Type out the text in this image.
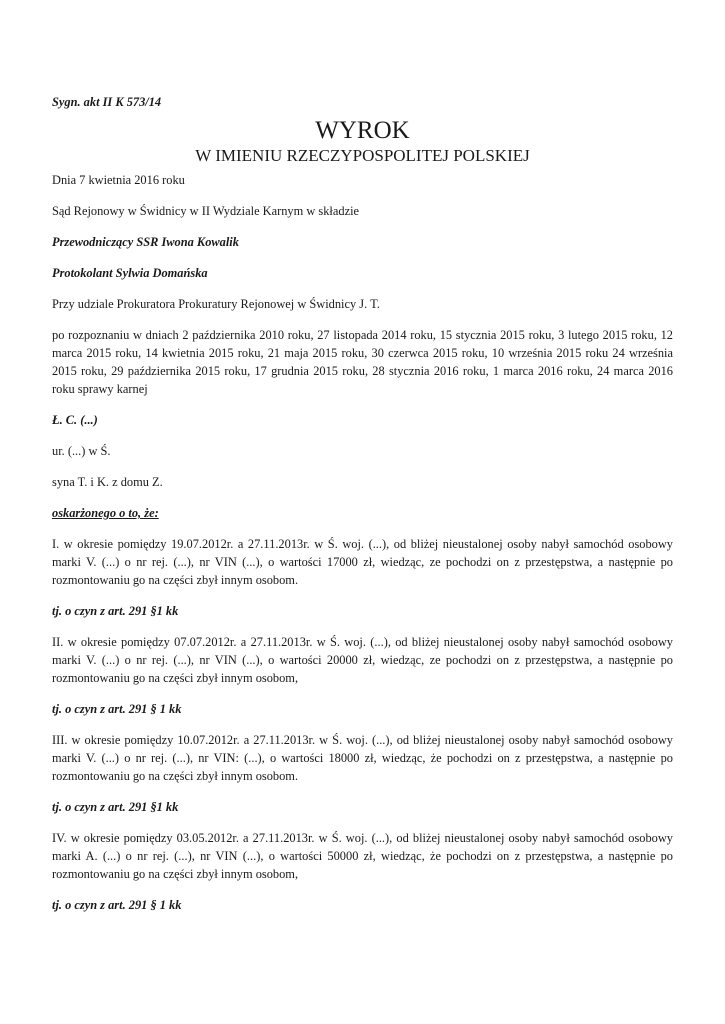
Sygn. akt II K 573/14

WYROK
W IMIENIU RZECZYPOSPOLITEJ POLSKIEJ

Dnia 7 kwietnia 2016 roku

Sąd Rejonowy w Świdnicy w II Wydziale Karnym w składzie

Przewodniczący SSR Iwona Kowalik

Protokolant Sylwia Domańska

Przy udziale Prokuratora Prokuratury Rejonowej w Świdnicy J. T.

po rozpoznaniu w dniach 2 października 2010 roku, 27 listopada 2014 roku, 15 stycznia 2015 roku, 3 lutego 2015 roku, 12 marca 2015 roku, 14 kwietnia 2015 roku, 21 maja 2015 roku, 30 czerwca 2015 roku, 10 września 2015 roku 24 września 2015 roku, 29 października 2015 roku, 17 grudnia 2015 roku, 28 stycznia 2016 roku, 1 marca 2016 roku, 24 marca 2016 roku sprawy karnej

Ł. C. (...)

ur. (...) w Ś.

syna T. i K. z domu Z.

oskarżonego o to, że:

I. w okresie pomiędzy 19.07.2012r. a 27.11.2013r. w Ś. woj. (...), od bliżej nieustalonej osoby nabył samochód osobowy marki V. (...) o nr rej. (...), nr VIN (...), o wartości 17000 zł, wiedząc, ze pochodzi on z przestępstwa, a następnie po rozmontowaniu go na części zbył innym osobom.

tj. o czyn z art. 291 §1 kk

II. w okresie pomiędzy 07.07.2012r. a 27.11.2013r. w Ś. woj. (...), od bliżej nieustalonej osoby nabył samochód osobowy marki V. (...) o nr rej. (...), nr VIN (...), o wartości 20000 zł, wiedząc, ze pochodzi on z przestępstwa, a następnie po rozmontowaniu go na części zbył innym osobom,

tj. o czyn z art. 291 § 1 kk

III. w okresie pomiędzy 10.07.2012r. a 27.11.2013r. w Ś. woj. (...), od bliżej nieustalonej osoby nabył samochód osobowy marki V. (...) o nr rej. (...), nr VIN: (...), o wartości 18000 zł, wiedząc, że pochodzi on z przestępstwa, a następnie po rozmontowaniu go na części zbył innym osobom.

tj. o czyn z art. 291 §1 kk

IV. w okresie pomiędzy 03.05.2012r. a 27.11.2013r. w Ś. woj. (...), od bliżej nieustalonej osoby nabył samochód osobowy marki A. (...) o nr rej. (...), nr VIN (...), o wartości 50000 zł, wiedząc, że pochodzi on z przestępstwa, a następnie po rozmontowaniu go na części zbył innym osobom,

tj. o czyn z art. 291 § 1 kk
